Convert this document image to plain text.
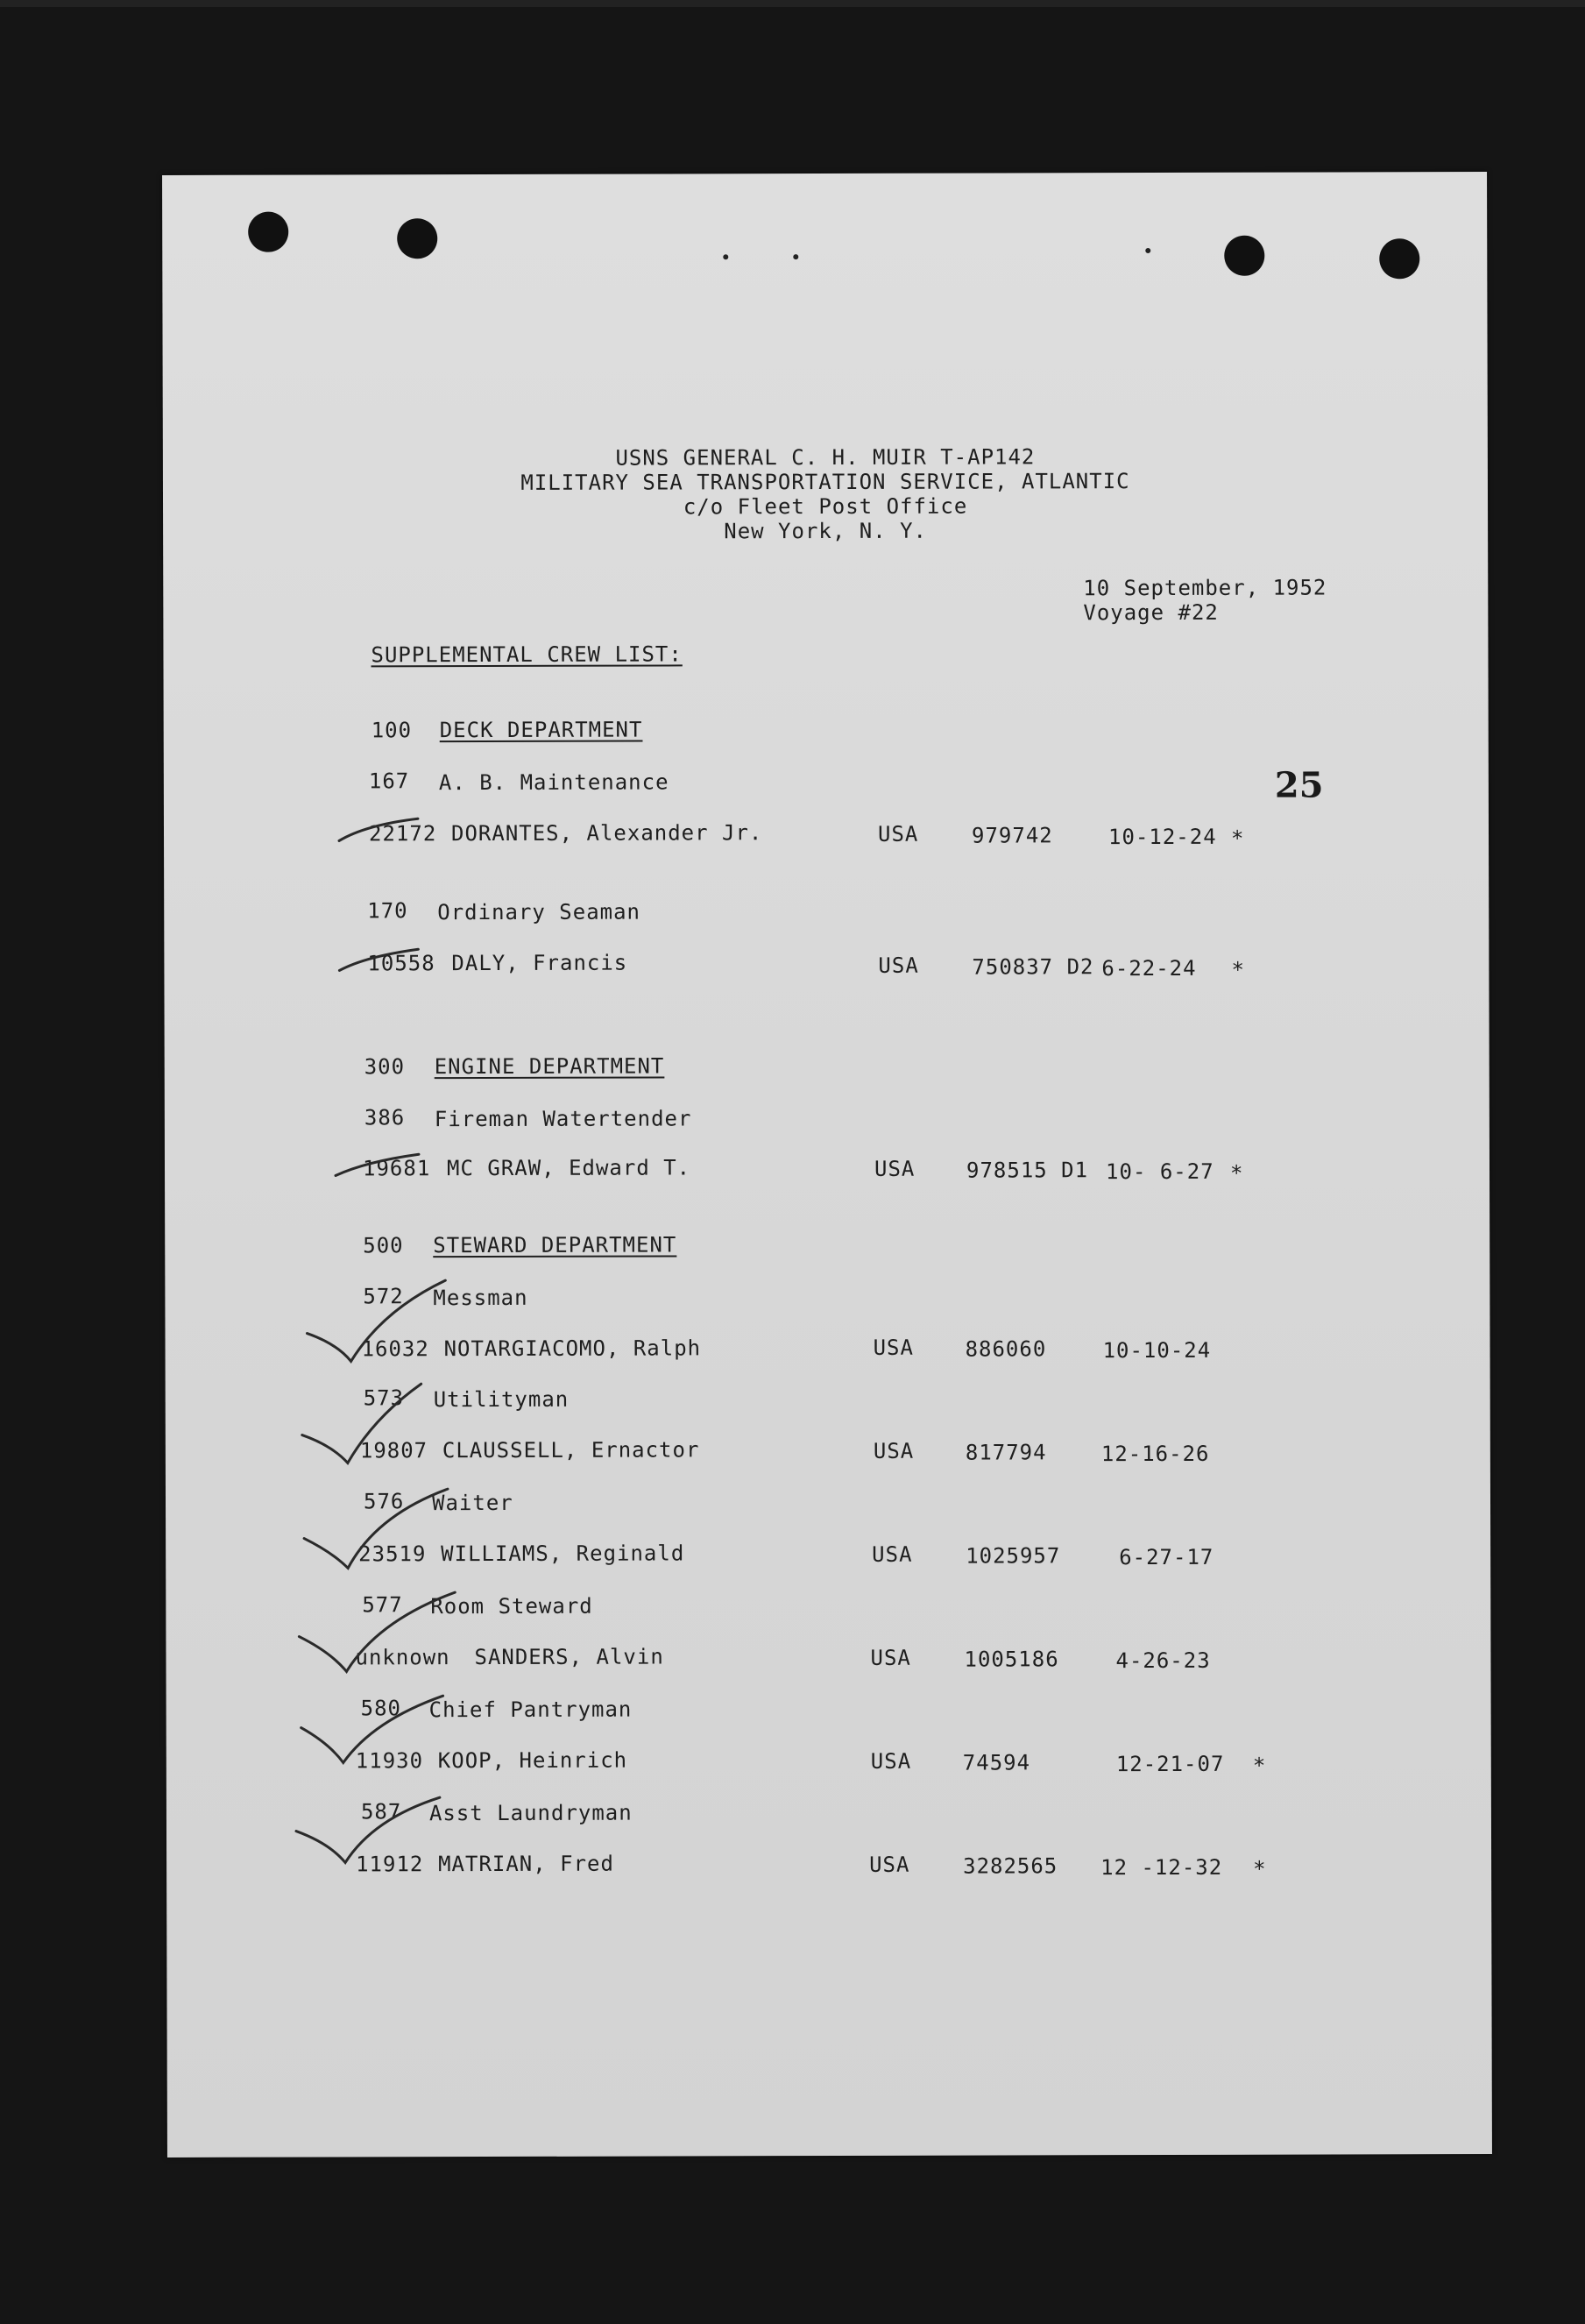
USNS GENERAL C. H. MUIR T-AP142
MILITARY SEA TRANSPORTATION SERVICE, ATLANTIC
c/o Fleet Post Office
New York, N. Y.
10 September, 1952
Voyage #22
SUPPLEMENTAL CREW LIST:
100 DECK DEPARTMENT
167 A. B. Maintenance	25
22172 DORANTES, Alexander Jr.	USA	979742	10-12-24 *
170 Ordinary Seaman
10558 DALY, Francis	USA	750837 D2 6-22-24 *
300 ENGINE DEPARTMENT
386 Fireman Watertender
19681 MC GRAW, Edward T.	USA 978515 D1 10- 6-27 *
500 STEWARD DEPARTMENT
572 Messman
16032 NOTARGIACOMO, Ralph	USA 886060	10-10-24
573 Utilityman
19807 CLAUSSELL, Ernactor	USA 817794	12-16-26
576 Waiter
23519 WILLIAMS, Reginald	USA	1025957	6-27-17
577 Room Steward
unknown SANDERS, Alvin	USA	1005186	4-26-23
580 Chief Pantryman
11930 KOOP, Heinrich	USA 74594	12-21-07 *
587 Asst Laundryman
11912 MATRIAN, Fred	USA	3282565 12 -12-32 *
